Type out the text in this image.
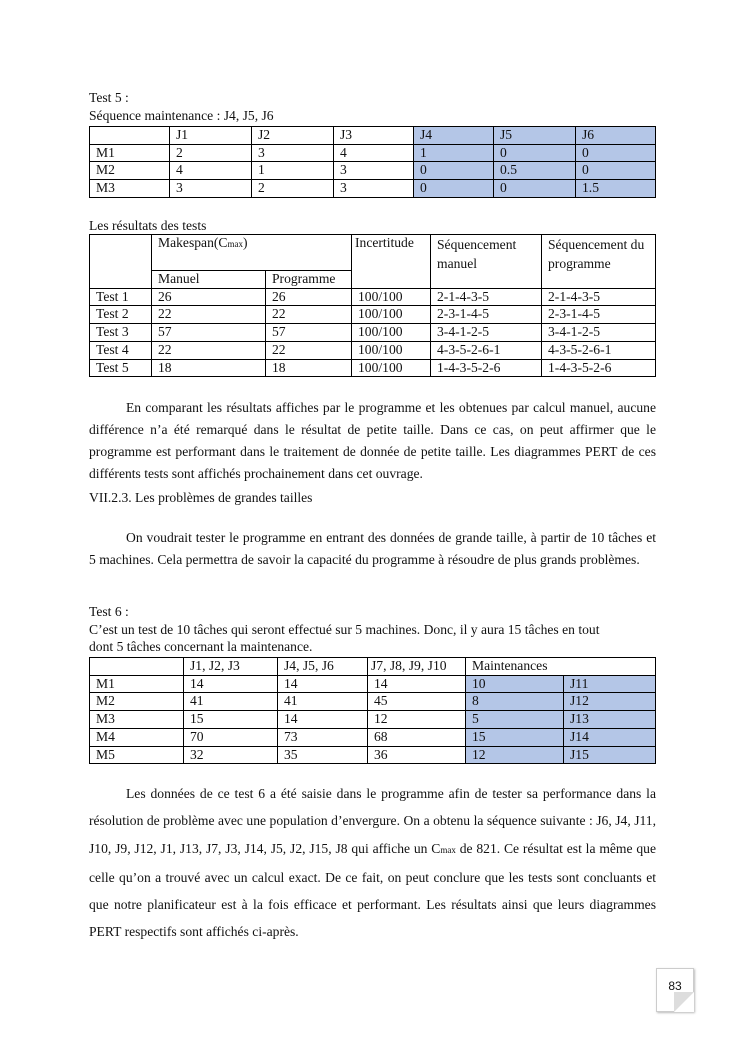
Test 5 :
Séquence maintenance : J4, J5, J6
	J1	J2	J3	J4	J5	J6
M1	2	3	4	1	0	0
M2	4	1	3	0	0.5	0
M3	3	2	3	0	0	1.5
Les résultats des tests
	Makespan(Cmax)		Incertitude	Séquencement manuel	Séquencement du programme
	Manuel	Programme			
Test 1	26	26	100/100	2-1-4-3-5	2-1-4-3-5
Test 2	22	22	100/100	2-3-1-4-5	2-3-1-4-5
Test 3	57	57	100/100	3-4-1-2-5	3-4-1-2-5
Test 4	22	22	100/100	4-3-5-2-6-1	4-3-5-2-6-1
Test 5	18	18	100/100	1-4-3-5-2-6	1-4-3-5-2-6
En comparant les résultats affiches par le programme et les obtenues par calcul manuel, aucune différence n’a été remarqué dans le résultat de petite taille. Dans ce cas, on peut affirmer que le programme est performant dans le traitement de donnée de petite taille. Les diagrammes PERT de ces différents tests sont affichés prochainement dans cet ouvrage.
VII.2.3. Les problèmes de grandes tailles
On voudrait tester le programme en entrant des données de grande taille, à partir de 10 tâches et 5 machines. Cela permettra de savoir la capacité du programme à résoudre de plus grands problèmes.
Test 6 :
C’est un test de 10 tâches qui seront effectué sur 5 machines. Donc, il y aura 15 tâches en tout
dont 5 tâches concernant la maintenance.
	J1, J2, J3	J4, J5, J6	J7, J8, J9, J10	Maintenances	
M1	14	14	14	10	J11
M2	41	41	45	8	J12
M3	15	14	12	5	J13
M4	70	73	68	15	J14
M5	32	35	36	12	J15
Les données de ce test 6 a été saisie dans le programme afin de tester sa performance dans la résolution de problème avec une population d’envergure. On a obtenu la séquence suivante : J6, J4, J11, J10, J9, J12, J1, J13, J7, J3, J14, J5, J2, J15, J8 qui affiche un Cmax de 821. Ce résultat est la même que celle qu’on a trouvé avec un calcul exact. De ce fait, on peut conclure que les tests sont concluants et que notre planificateur est à la fois efficace et performant. Les résultats ainsi que leurs diagrammes PERT respectifs sont affichés ci-après.
83
